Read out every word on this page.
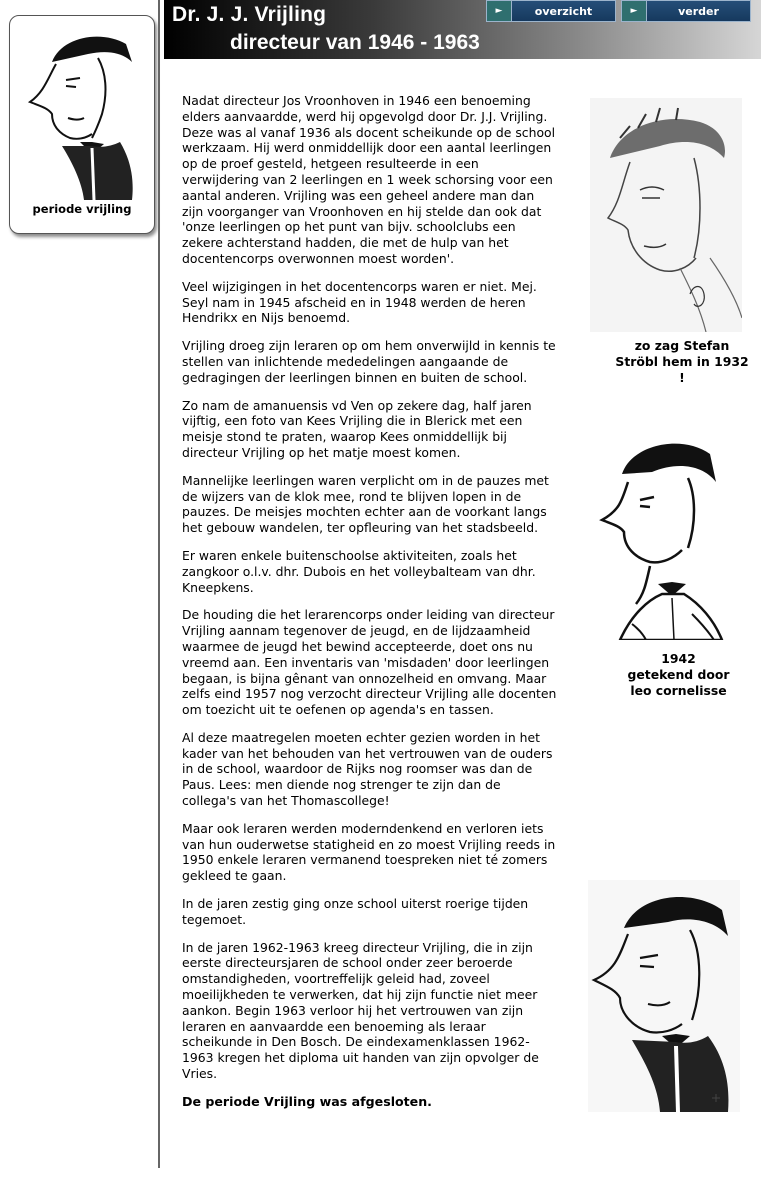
periode vrijling
Dr. J. J. Vrijling
directeur van 1946 - 1963
►	overzicht	►	verder

Nadat directeur Jos Vroonhoven in 1946 een benoeming elders aanvaardde, werd hij opgevolgd door Dr. J.J. Vrijling. Deze was al vanaf 1936 als docent scheikunde op de school werkzaam. Hij werd onmiddellijk door een aantal leerlingen op de proef gesteld, hetgeen resulteerde in een verwijdering van 2 leerlingen en 1 week schorsing voor een aantal anderen. Vrijling was een geheel andere man dan zijn voorganger van Vroonhoven en hij stelde dan ook dat 'onze leerlingen op het punt van bijv. schoolclubs een zekere achterstand hadden, die met de hulp van het docentencorps overwonnen moest worden'.

Veel wijzigingen in het docentencorps waren er niet. Mej. Seyl nam in 1945 afscheid en in 1948 werden de heren Hendrikx en Nijs benoemd.

Vrijling droeg zijn leraren op om hem onverwijld in kennis te stellen van inlichtende mededelingen aangaande de gedragingen der leerlingen binnen en buiten de school.

Zo nam de amanuensis vd Ven op zekere dag, half jaren vijftig, een foto van Kees Vrijling die in Blerick met een meisje stond te praten, waarop Kees onmiddellijk bij directeur Vrijling op het matje moest komen.

Mannelijke leerlingen waren verplicht om in de pauzes met de wijzers van de klok mee, rond te blijven lopen in de pauzes. De meisjes mochten echter aan de voorkant langs het gebouw wandelen, ter opfleuring van het stadsbeeld.

Er waren enkele buitenschoolse aktiviteiten, zoals het zangkoor o.l.v. dhr. Dubois en het volleybalteam van dhr. Kneepkens.

De houding die het lerarencorps onder leiding van directeur Vrijling aannam tegenover de jeugd, en de lijdzaamheid waarmee de jeugd het bewind accepteerde, doet ons nu vreemd aan. Een inventaris van 'misdaden' door leerlingen begaan, is bijna gênant van onnozelheid en omvang. Maar zelfs eind 1957 nog verzocht directeur Vrijling alle docenten om toezicht uit te oefenen op agenda's en tassen.

Al deze maatregelen moeten echter gezien worden in het kader van het behouden van het vertrouwen van de ouders in de school, waardoor de Rijks nog roomser was dan de Paus. Lees: men diende nog strenger te zijn dan de collega's van het Thomascollege!

Maar ook leraren werden moderndenkend en verloren iets van hun ouderwetse statigheid en zo moest Vrijling reeds in 1950 enkele leraren vermanend toespreken niet té zomers gekleed te gaan.

In de jaren zestig ging onze school uiterst roerige tijden tegemoet.

In de jaren 1962-1963 kreeg directeur Vrijling, die in zijn eerste directeursjaren de school onder zeer beroerde omstandigheden, voortreffelijk geleid had, zoveel moeilijkheden te verwerken, dat hij zijn functie niet meer aankon. Begin 1963 verloor hij het vertrouwen van zijn leraren en aanvaardde een benoeming als leraar scheikunde in Den Bosch. De eindexamenklassen 1962-1963 kregen het diploma uit handen van zijn opvolger de Vries.

De periode Vrijling was afgesloten.
zo zag Stefan
Ströbl hem in 1932
!
1942
getekend door
leo cornelisse
